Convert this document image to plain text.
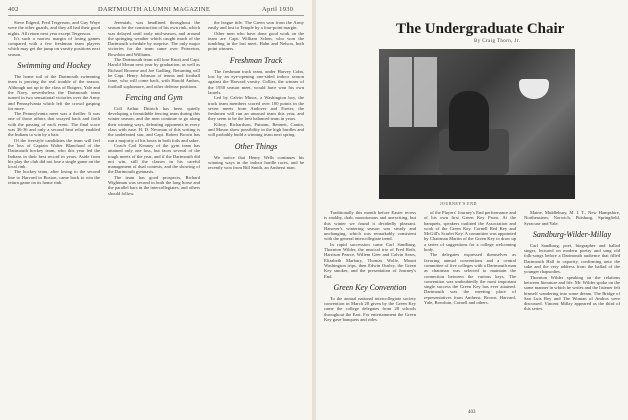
402	DARTMOUTH ALUMNI MAGAZINE	April 1930

Steve Edgerd, Fred Tergerson, and Guy Waye were the other guards, and they all had their good nights. All return next year except Tergerson.

It's such a narrow margin of losing games compared with a few freshman team players which may get the jump on varsity positions next season.

Swimming and Hockey

The home soil of the Dartmouth swimming team is proving the real trouble of the season. Although not up to the class of Rutgers, Yale and the Navy, nevertheless the Dartmouth team turned in two sensational victories over the Army and Pennsylvania which left the crowd gasping for more.

The Pennsylvania meet was a thriller. It was one of those affairs that swayed back and forth with the passing of each event. The final score was 36-36 and only a second heat relay enabled the Indians to win by a hair.

Of the freestyle candidates the team will feel the loss of Captain Walter Blanchard of the Dartmouth hockey team, who this year led the Indians in their best record in years. Aside from his play the club did not lose a single game on the local rink.

The hockey team, after losing to the second line to Harvard in Boston, came back to win the return game on its home rink.

Jeremiah, was headlined throughout the season for the construction of his own rink, which was delayed until early mid-season, and around the springing weather which caught much of the Dartmouth schedule by surprise. The only major victories for the team came over Princeton, Bowdoin and Williams.

The Dartmouth team will lose Knott and Capt. Harold Moran next year by graduation, as well as Richard Broome and Joe Gadling. Returning will be Capt. Henry Johnson of tennis and football fame, who will come back, with Harold Ambos, football sophomore, and other defense positions.

Fencing and Gym

Coll Arthur Dittrich has been quietly developing a formidable fencing team during this winter season, and the men continue to go along their winning ways, defeating opponents in every class with ease. H. D. Newman of this writing is the undefeated star, and Capt. Robert Brown has run a majority of his bouts in both foils and sabre.

Coach Carl Kenney of the gym team has attained only one loss, but faces several of the tough meets of the year, and if the Dartmouth did not win, still the classes in his careful management of dual contests, and the showing of the Dartmouth gymnasts.

The team has good prospects, Richard Wightman was second in both the long horse and the parallel bars in the intercollegiates, and others should follow.

the league title. The Green won from the Army easily and lost to Temple by a four-point margin.

Other men who have done good work on the team are Capt. William Schen, who won the tumbling in the last meet, Hahn and Nelson, both point winners.

Freshman Track

The freshman track team, under Harvey Cohn, lost by an eye-opening one-sided indoor season against the Harvard varsity. Collier, the winner of the 1930 season meet, would have won his own laurels.

Led by Calvin Minos, a Washington boy, the track team members scored over 100 points in the seven meets from Andover and Exeter, the freshmen will run an unusual team this year, and they seem to be the best balanced team in years.

Kilroy, Richardson, Putnam, Bennett, Cantor, and Mason show possibility in the high hurdles and will probably build a winning team next spring.

Other Things

We notice that Henry Wells continues his winning ways in the indoor hurdle races, and he recently won from Bill Smith, an Amherst man.

The Undergraduate Chair
By Craig Thorn, Jr.
JOURNEY'S END

Traditionally this month before Easter recess is snobby, drab, monotonous and unexciting, but this winter we found it decidedly pleasant. Hanover's wintering season was steady and unchanging, which was remarkably consistent with the general intercollegiate trend.

In rapid succession came Carl Sandburg, Thornton Wilder, the musical trio of Fred Roth, Harrison Pearce, Willem Geer and Calvin Sears, Elizabeth Marbury, Thomas Wolfe, Mount Washington trips, then Edwin Ousley, the Green Key smoker, and the presentation of Journey's End.

Green Key Convention

To the annual national intercollegiate society convention in March 28 given by the Green Key came the college delegates from 28 schools throughout the East. For entertainment the Green Key gave banquets and rides.

of the Players' Journey's End performance and of his own first Green Key Prom. At the banquets, speakers outlined the Association and work of the Green Key. Cornell Red Key and McGill's Scarlet Key. A committee was appointed by Chairman Martin of the Green Key to draw up a series of suggestions for a college welcoming body.

The delegates expressed themselves as favoring annual conventions and a central committee of five colleges with a Dartmouth man as chairman was selected to maintain the connection between the various keys. The convention was undoubtedly the most important single success the Green Key has ever attained. Dartmouth was the meeting place of representatives from Amherst, Brown, Harvard, Yale, Bowdoin, Cornell and others.

Maine, Middlebury, M. I. T., New Hampshire, Northeastern, Norwich, Pittsburg, Springfield, Syracuse and Yale.

Sandburg-Wilder-Millay

Carl Sandburg, poet, biographer and ballad singer, lectured on modern poetry and sang old folk-songs before a Dartmouth audience that filled Dartmouth Hall to capacity, confirming unto the sake and the very address from the ballad of the younger rhapsodies.

Thornton Wilder speaking on the relations between literature and life. Mr. Wilder spoke on the same manner in which he writes and the listener felt himself wandering into some dream. The Bridge of San Luis Rey and The Woman of Andros were discussed. Vincent Millay appeared as the third of this series.

403
